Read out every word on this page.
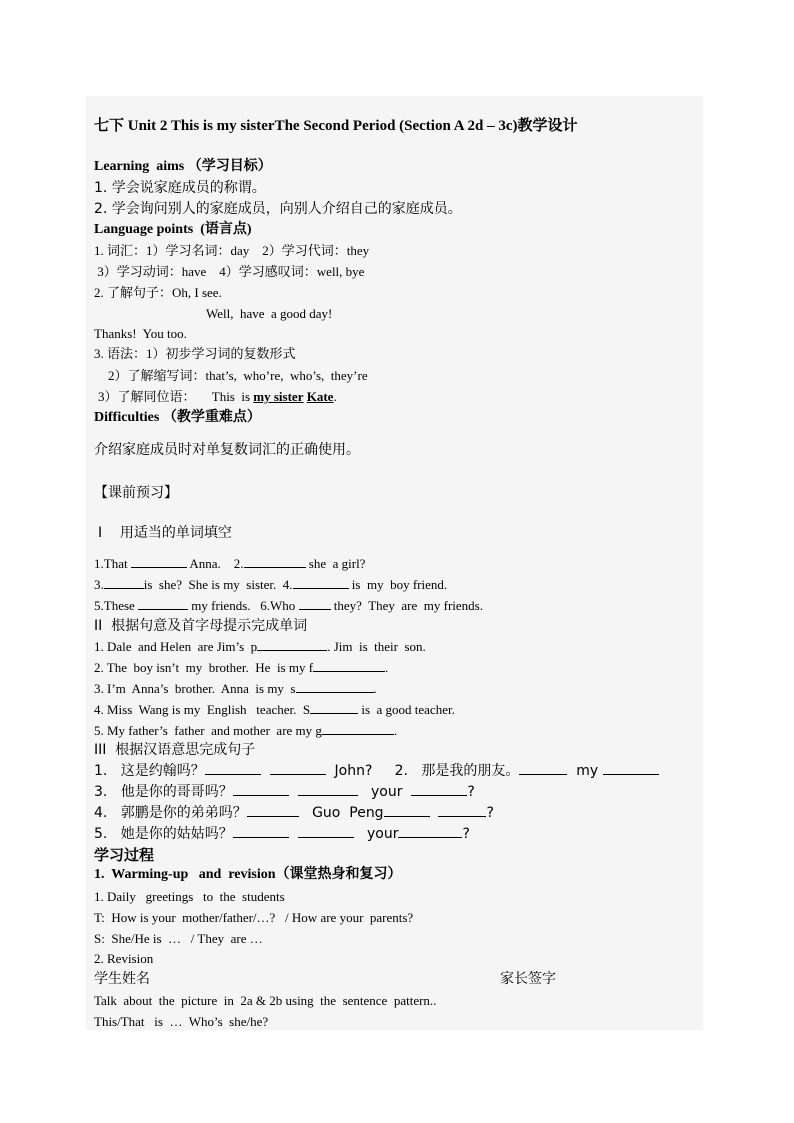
七下 Unit 2 This is my sisterThe Second Period (Section A 2d – 3c)教学设计
Learning  aims （学习目标）
1. 学会说家庭成员的称谓。
2. 学会询问别人的家庭成员，向别人介绍自己的家庭成员。
Language points  (语言点)
1. 词汇：1）学习名词：day    2）学习代词：they
3）学习动词：have    4）学习感叹词：well, bye
2. 了解句子：Oh, I see.
Well,  have  a good day!
Thanks!  You too.
3. 语法：1）初步学习词的复数形式
2）了解缩写词：that’s,  who’re,  who’s,  they’re
3）了解同位语：     This  is my sister Kate.
Difficulties （教学重难点）
介绍家庭成员时对单复数词汇的正确使用。
【课前预习】
I    用适当的单词填空
1.That	Anna.    2.	she  a girl?
3.	is  she?  She is my  sister.  4.	is  my  boy friend.
5.These	my friends.   6.Who  they?  They  are  my friends.
II  根据句意及首字母提示完成单词
1. Dale  and Helen  are Jim’s  p	. Jim  is  their  son.
2. The  boy isn’t  my  brother.  He  is my f	.
3. I’m  Anna’s  brother.  Anna  is my  s	.
4. Miss  Wang is my  English   teacher.  S	is  a good teacher.
5. My father’s  father  and mother  are my g	.
III  根据汉语意思完成句子
1.   这是约翰吗？	John?     2.   那是我的朋友。	my
3.   他是你的哥哥吗？	your	?
4.   郭鹏是你的弟弟吗？	Guo  Peng	?
5.   她是你的姑姑吗？	your	?
学习过程
1.  Warming-up   and  revision（课堂热身和复习）
1. Daily   greetings   to  the  students
T:  How is your  mother/father/…?   / How are your  parents?
S:  She/He is  …   / They  are …
2. Revision
学生姓名	家长签字
Talk  about  the  picture  in  2a & 2b using  the  sentence  pattern..
This/That   is  …  Who’s  she/he?
